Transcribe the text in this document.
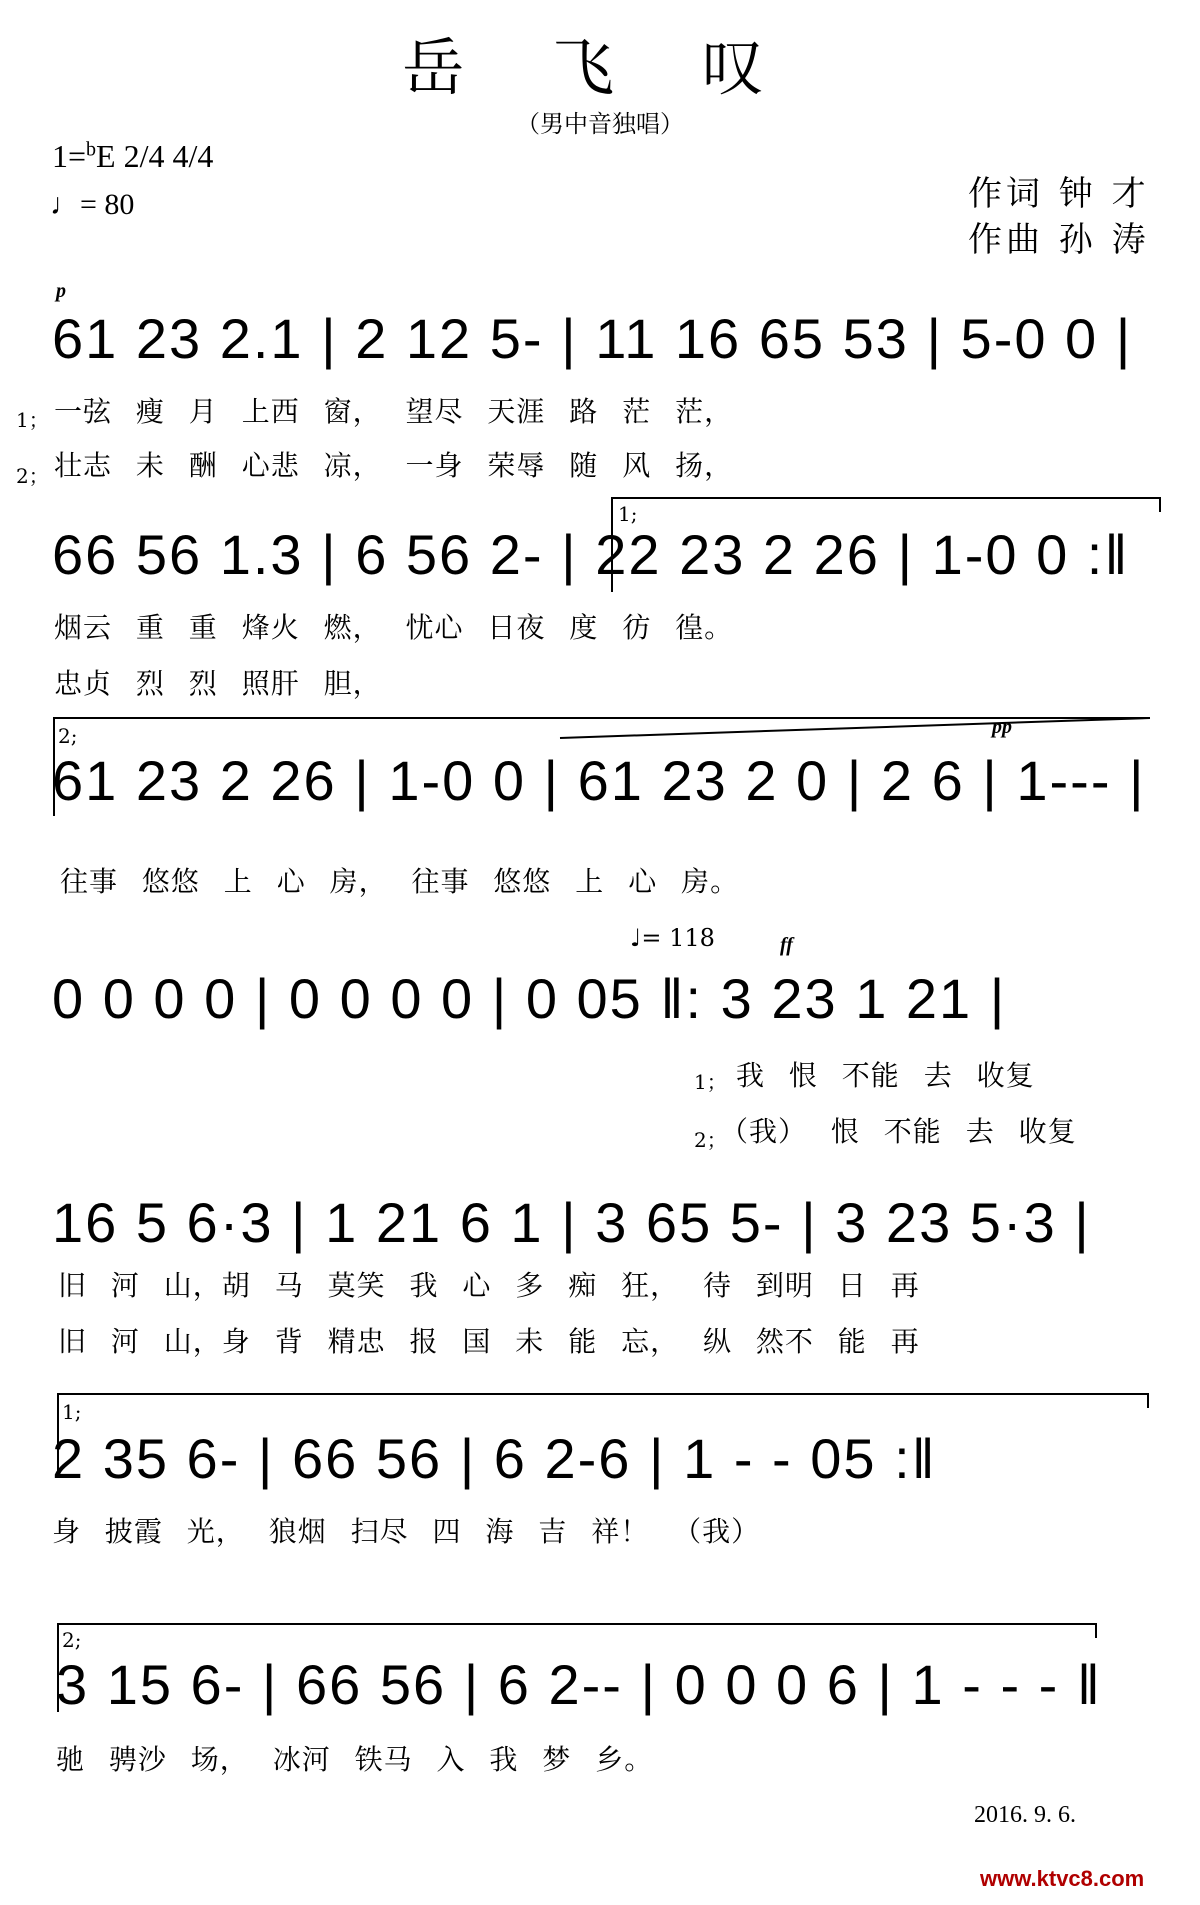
岳 飞 叹
（男中音独唱）
1=$^b$E 2/4 4/4
♩= 80	作词 钟 才
作曲 孙 涛
p
pp
ff
♩= 118
1;
2;
1;
2;
61 23 2.1 | 2 12 5- | 11 16 65 53 | 5-0 0 |
1； 一弦 瘦 月 上西 窗， 望尽 天涯 路 茫 茫，
2； 壮志 未 酬 心悲 凉， 一身 荣辱 随 风 扬，
66 56 1.3 | 6 56 2- | 22 23 2 26 | 1-0 0 :‖
烟云 重 重 烽火 燃， 忧心 日夜 度 彷 徨。
忠贞 烈 烈 照肝 胆，
61 23 2 26 | 1-0 0 | 61 23 2 0 | 2 6 | 1--- |
往事 悠悠 上 心 房， 往事 悠悠 上 心 房。
0 0 0 0 | 0 0 0 0 | 0 05 ‖: 3 23 1 21 |
1； 我 恨 不能 去 收复
2；
（我） 恨 不能 去 收复
16 5 6·3 | 1 21 6 1 | 3 65 5- | 3 23 5·3 |
旧 河 山，胡 马 莫笑 我 心 多 痴 狂， 待 到明 日 再
旧 河 山，身 背 精忠 报 国 未 能 忘， 纵 然不 能 再
2 35 6- | 66 56 | 6 2-6 | 1 - - 05 :‖
身 披霞 光， 狼烟 扫尽 四 海 吉 祥！ （我）
3 15 6- | 66 56 | 6 2-- | 0 0 0 6 | 1 - - - ‖
驰 骋沙 场， 冰河 铁马 入 我 梦 乡。
2016. 9. 6.
www.ktvc8.com
